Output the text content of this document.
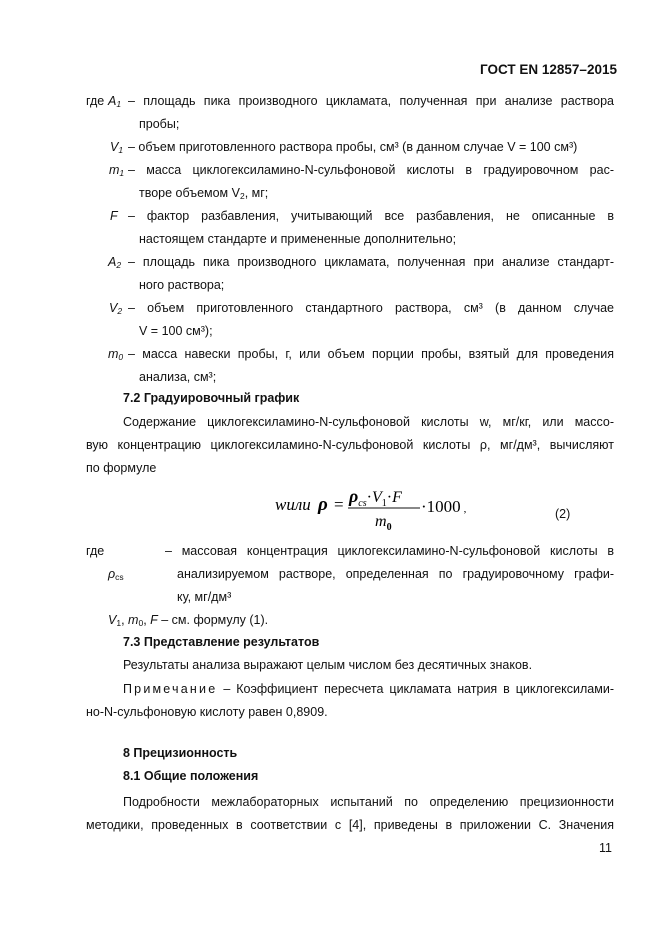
ГОСТ EN 12857–2015
где $A_1$ – площадь пика производного цикламата, полученная при анализе раствора
пробы;
$V_1$ – объем приготовленного раствора пробы, см³ (в данном случае V = 100 см³)
$m_1$ – масса циклогексиламино-N-сульфоновой кислоты в градуировочном рас-
творе объемом $V_2$, мг;
F – фактор разбавления, учитывающий все разбавления, не описанные в
настоящем стандарте и примененные дополнительно;
$A_2$ – площадь пика производного цикламата, полученная при анализе стандарт-
ного раствора;
$V_2$ – объем приготовленного стандартного раствора, см³ (в данном случае
V = 100 см³);
$m_0$ – масса навески пробы, г, или объем порции пробы, взятый для проведения
анализа, см³;
7.2 Градуировочный график
Содержание циклогексиламино-N-сульфоновой кислоты w, мг/кг, или массо-
вую концентрацию циклогексиламино-N-сульфоновой кислоты ρ, мг/дм³, вычисляют
по формуле
wили $\rho = \rho_{cs}\cdot V_1\cdot F$
$m_0$
·1000 ,	(2)
где	– массовая концентрация циклогексиламино-N-сульфоновой кислоты в
$\rho_{cs}$	анализируемом растворе, определенная по градуировочному графи-
ку, мг/дм³
$V_1$, $m_0$, F – см. формулу (1).
7.3 Представление результатов
Результаты анализа выражают целым числом без десятичных знаков.
Примечание – Коэффициент пересчета цикламата натрия в циклогексилами-
но-N-сульфоновую кислоту равен 0,8909.
8 Прецизионность
8.1 Общие положения
Подробности межлабораторных испытаний по определению прецизионности
методики, проведенных в соответствии с [4], приведены в приложении С. Значения
11
